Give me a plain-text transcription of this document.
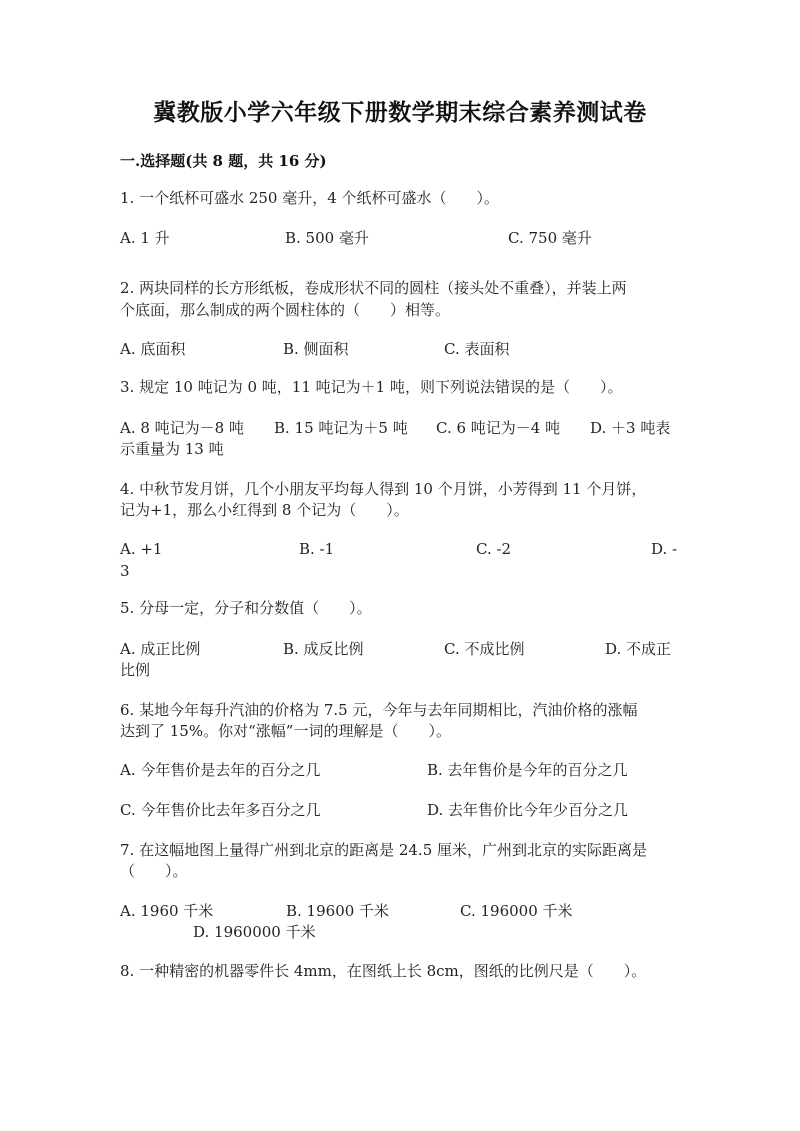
冀教版小学六年级下册数学期末综合素养测试卷
一.选择题(共 8 题，共 16 分)
1. 一个纸杯可盛水 250 毫升，4 个纸杯可盛水（　　）。
A. 1 升	B. 500 毫升	C. 750 毫升
2. 两块同样的长方形纸板，卷成形状不同的圆柱（接头处不重叠），并装上两
个底面，那么制成的两个圆柱体的（　　）相等。
A. 底面积	B. 侧面积	C. 表面积
3. 规定 10 吨记为 0 吨，11 吨记为＋1 吨，则下列说法错误的是（　　）。
A. 8 吨记为－8 吨 B. 15 吨记为＋5 吨 C. 6 吨记为－4 吨 D. ＋3 吨表
示重量为 13 吨
4. 中秋节发月饼，几个小朋友平均每人得到 10 个月饼，小芳得到 11 个月饼，
记为+1，那么小红得到 8 个记为（　　）。
A. +1	B. -1	C. -2	D. -
3
5. 分母一定，分子和分数值（　　）。
A. 成正比例	B. 成反比例	C. 不成比例	D. 不成正
比例
6. 某地今年每升汽油的价格为 7.5 元，今年与去年同期相比，汽油价格的涨幅
达到了 15%。你对“涨幅”一词的理解是（　　）。
A. 今年售价是去年的百分之几	B. 去年售价是今年的百分之几
C. 今年售价比去年多百分之几	D. 去年售价比今年少百分之几
7. 在这幅地图上量得广州到北京的距离是 24.5 厘米，广州到北京的实际距离是
（　　）。
A. 1960 千米	B. 19600 千米	C. 196000 千米
D. 1960000 千米
8. 一种精密的机器零件长 4mm，在图纸上长 8cm，图纸的比例尺是（　　）。
